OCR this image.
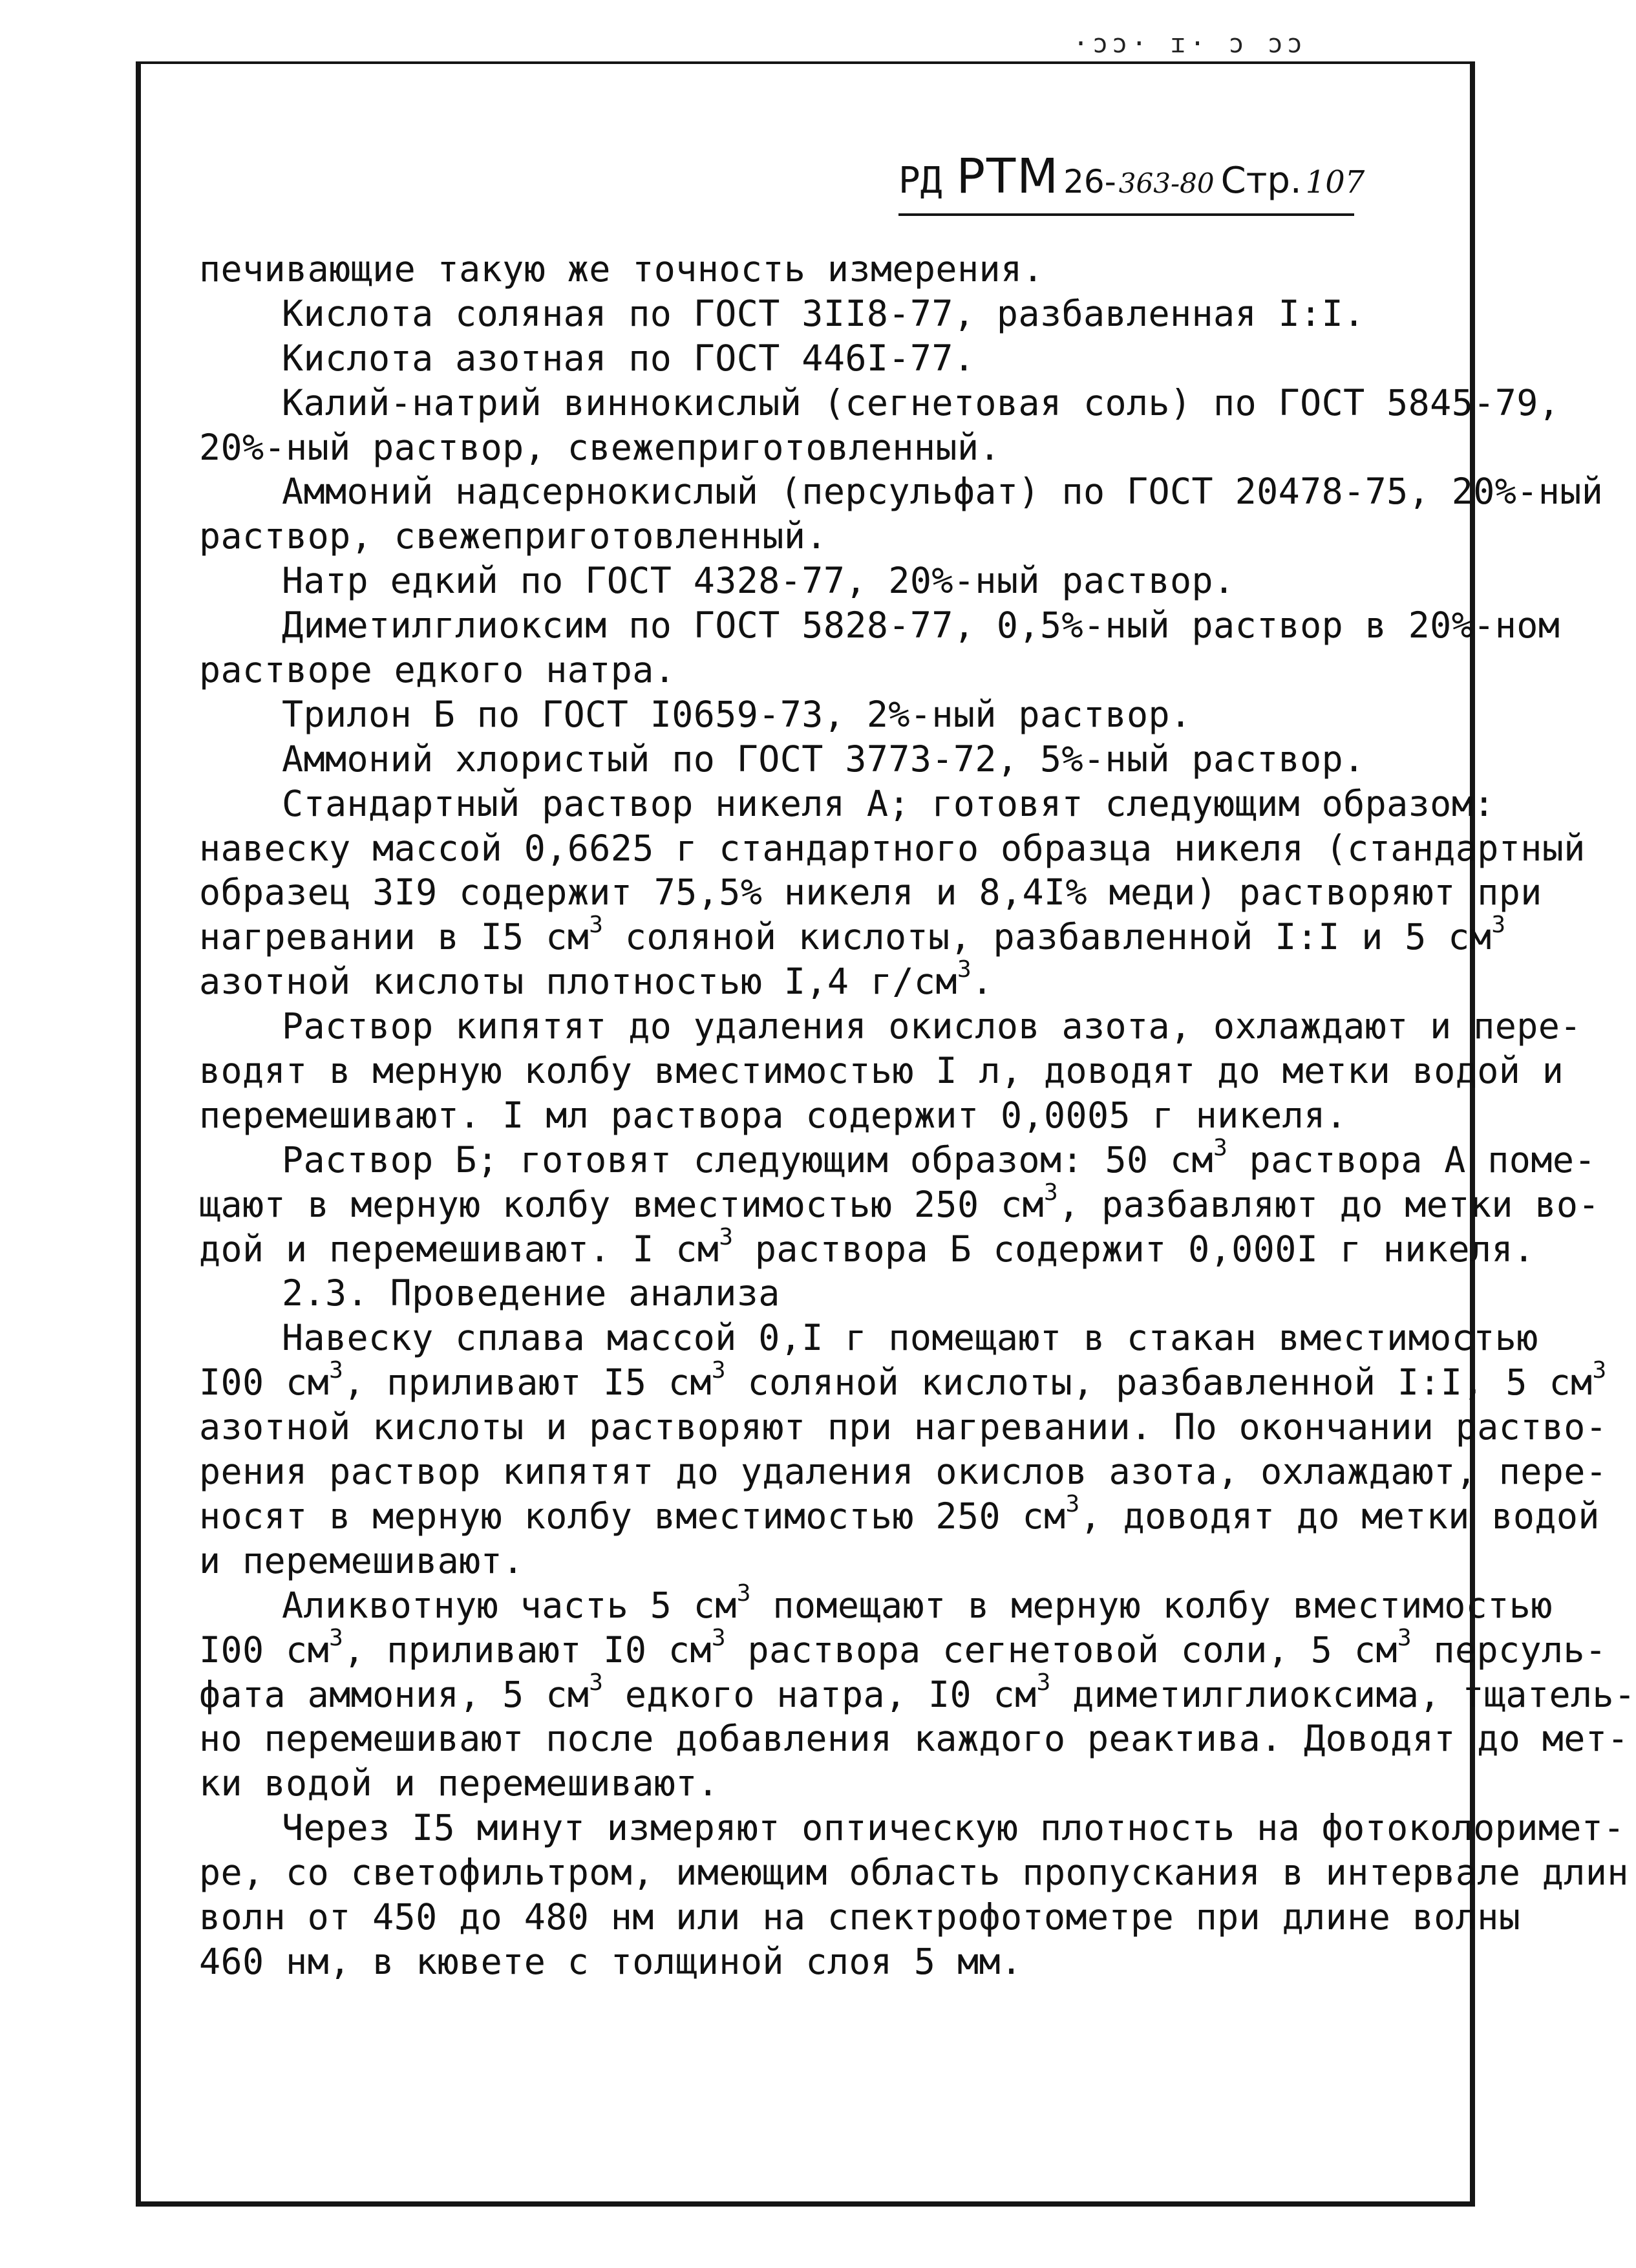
·ɔɔ· ɪ· ɔ ɔɔ
РД РТМ 26- 363-80 Стр. 107
печивающие такую же точность измерения.
Кислота соляная по ГОСТ 3II8-77, разбавленная I:I.
Кислота азотная по ГОСТ 446I-77.
Калий-натрий виннокислый (сегнетовая соль) по ГОСТ 5845-79,
20%-ный раствор, свежеприготовленный.
Аммоний надсернокислый (персульфат) по ГОСТ 20478-75, 20%-ный
раствор, свежеприготовленный.
Натр едкий по ГОСТ 4328-77, 20%-ный раствор.
Диметилглиоксим по ГОСТ 5828-77, 0,5%-ный раствор в 20%-ном
растворе едкого натра.
Трилон Б по ГОСТ I0659-73, 2%-ный раствор.
Аммоний хлористый по ГОСТ 3773-72, 5%-ный раствор.
Стандартный раствор никеля А; готовят следующим образом:
навеску массой 0,6625 г стандартного образца никеля (стандартный
образец 3I9 содержит 75,5% никеля и 8,4I% меди) растворяют при
нагревании в I5 $см^3$ соляной кислоты, разбавленной I:I и 5 $см^3$
азотной кислоты плотностью I,4 $г/см^3$.
Раствор кипятят до удаления окислов азота, охлаждают и пере-
водят в мерную колбу вместимостью I л, доводят до метки водой и
перемешивают. I мл раствора содержит 0,0005 г никеля.
Раствор Б; готовят следующим образом: 50 $см^3$ раствора А поме-
щают в мерную колбу вместимостью 250 $см^3$, разбавляют до метки во-
дой и перемешивают. I $см^3$ раствора Б содержит 0,000I г никеля.
2.3. Проведение анализа
Навеску сплава массой 0,I г помещают в стакан вместимостью
I00 $см^3$, приливают I5 $см^3$ соляной кислоты, разбавленной I:I, 5 $см^3$
азотной кислоты и растворяют при нагревании. По окончании раство-
рения раствор кипятят до удаления окислов азота, охлаждают, пере-
носят в мерную колбу вместимостью 250 $см^3$, доводят до метки водой
и перемешивают.
Аликвотную часть 5 $см^3$ помещают в мерную колбу вместимостью
I00 $см^3$, приливают I0 $см^3$ раствора сегнетовой соли, 5 $см^3$ персуль-
фата аммония, 5 $см^3$ едкого натра, I0 $см^3$ диметилглиоксима, тщатель-
но перемешивают после добавления каждого реактива. Доводят до мет-
ки водой и перемешивают.
Через I5 минут измеряют оптическую плотность на фотоколоримет-
ре, со светофильтром, имеющим область пропускания в интервале длин
волн от 450 до 480 нм или на спектрофотометре при длине волны
460 нм, в кювете с толщиной слоя 5 мм.
